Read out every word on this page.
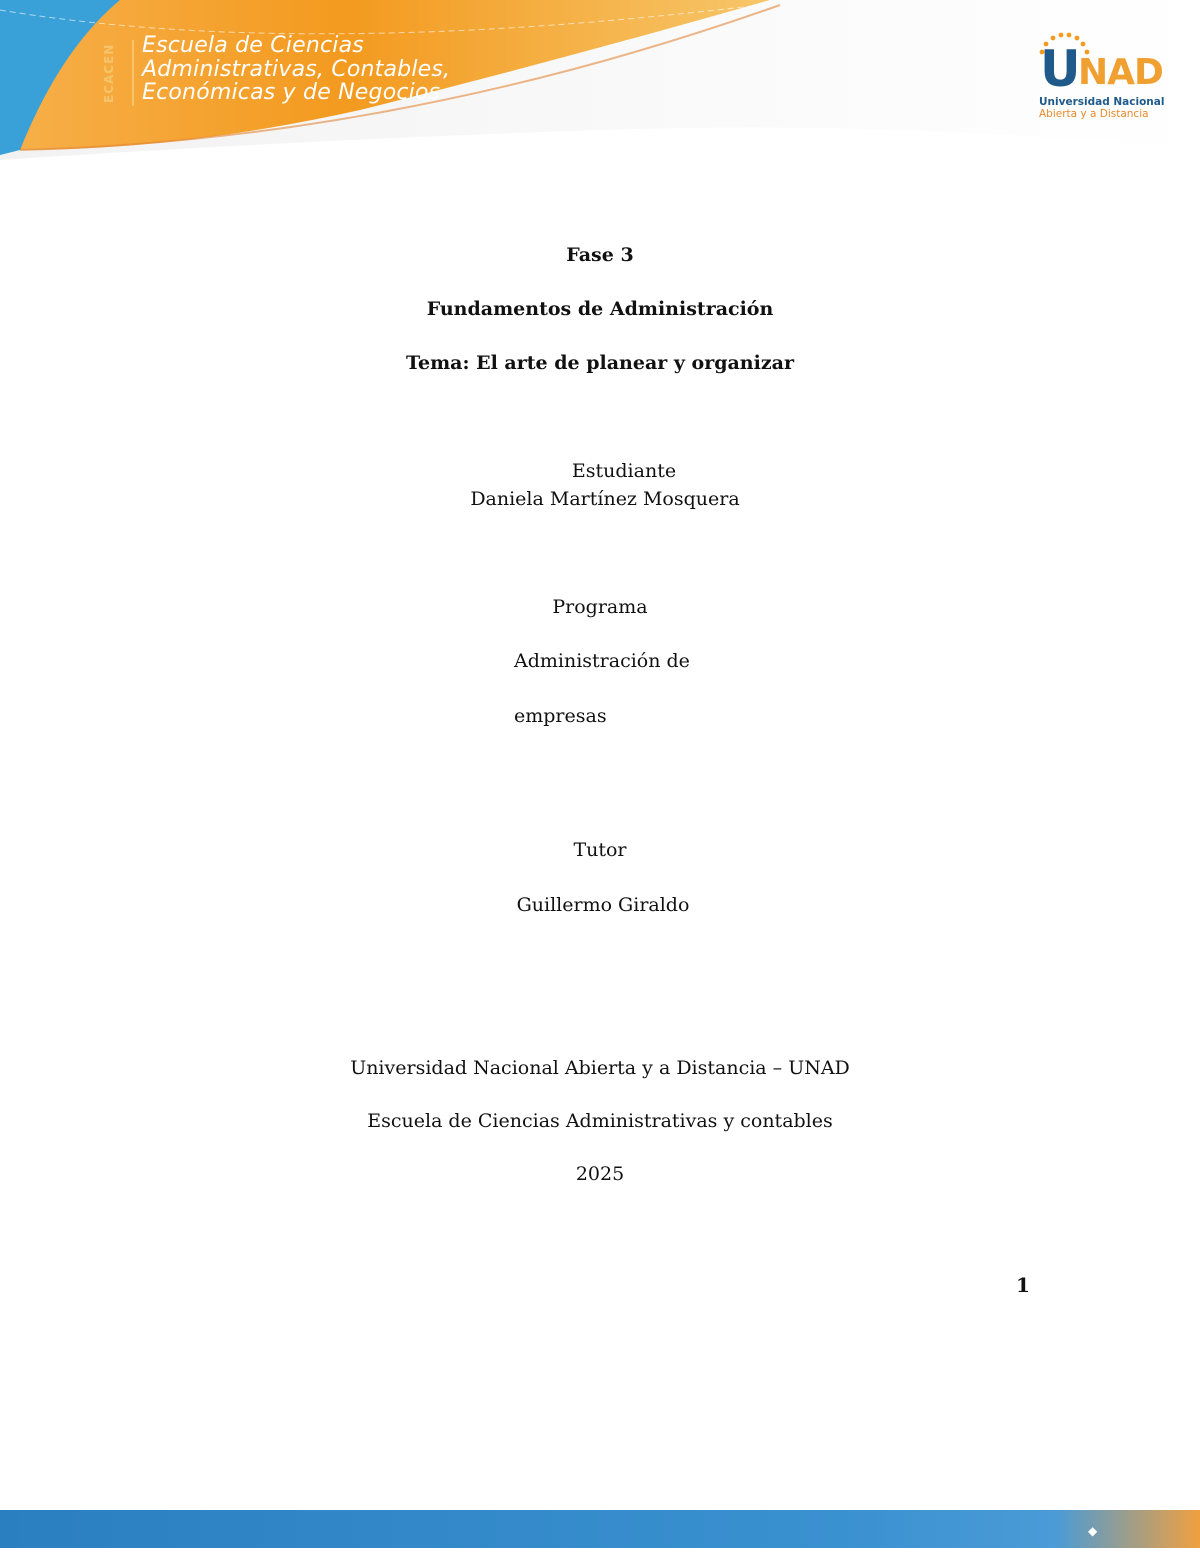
ECACEN	Escuela de Ciencias
Administrativas, Contables,
Económicas y de Negocios	U
NAD
Universidad Nacional
Abierta y a Distancia
Fase 3
Fundamentos de Administración
Tema: El arte de planear y organizar
Estudiante
Daniela Martínez Mosquera
Programa
Administración de
empresas
Tutor
Guillermo Giraldo
Universidad Nacional Abierta y a Distancia – UNAD
Escuela de Ciencias Administrativas y contables
2025
1
◆
